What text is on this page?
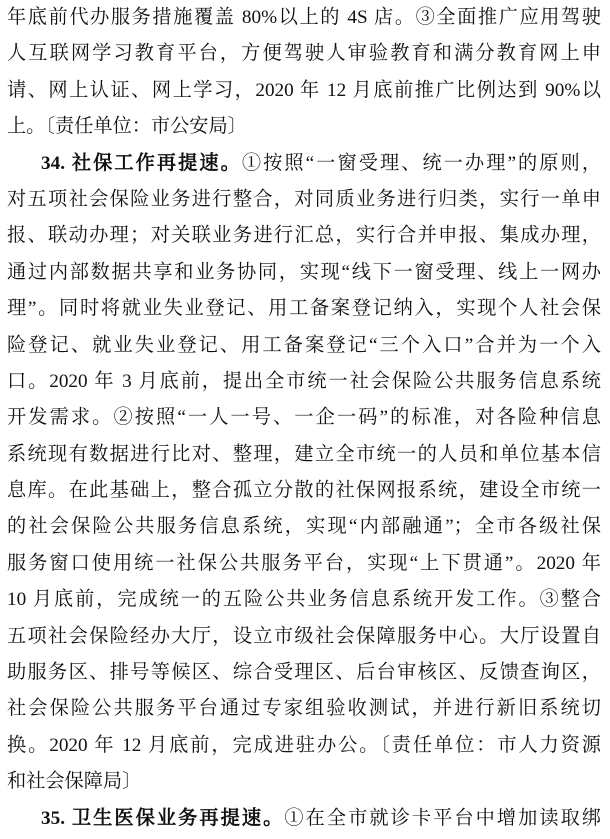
年底前代办服务措施覆盖 80%以上的 4S 店。③全面推广应用驾驶
人互联网学习教育平台，方便驾驶人审验教育和满分教育网上申
请、网上认证、网上学习，2020 年 12 月底前推广比例达到 90%以
上。〔责任单位：市公安局〕
34. 社保工作再提速。①按照“一窗受理、统一办理”的原则，
对五项社会保险业务进行整合，对同质业务进行归类，实行一单申
报、联动办理；对关联业务进行汇总，实行合并申报、集成办理，
通过内部数据共享和业务协同，实现“线下一窗受理、线上一网办
理”。同时将就业失业登记、用工备案登记纳入，实现个人社会保
险登记、就业失业登记、用工备案登记“三个入口”合并为一个入
口。2020 年 3 月底前，提出全市统一社会保险公共服务信息系统
开发需求。②按照“一人一号、一企一码”的标准，对各险种信息
系统现有数据进行比对、整理，建立全市统一的人员和单位基本信
息库。在此基础上，整合孤立分散的社保网报系统，建设全市统一
的社会保险公共服务信息系统，实现“内部融通”；全市各级社保
服务窗口使用统一社保公共服务平台，实现“上下贯通”。2020 年
10 月底前，完成统一的五险公共业务信息系统开发工作。③整合
五项社会保险经办大厅，设立市级社会保障服务中心。大厅设置自
助服务区、排号等候区、综合受理区、后台审核区、反馈查询区，
社会保险公共服务平台通过专家组验收测试，并进行新旧系统切
换。2020 年 12 月底前，完成进驻办公。〔责任单位：市人力资源
和社会保障局〕
35. 卫生医保业务再提速。①在全市就诊卡平台中增加读取绑
